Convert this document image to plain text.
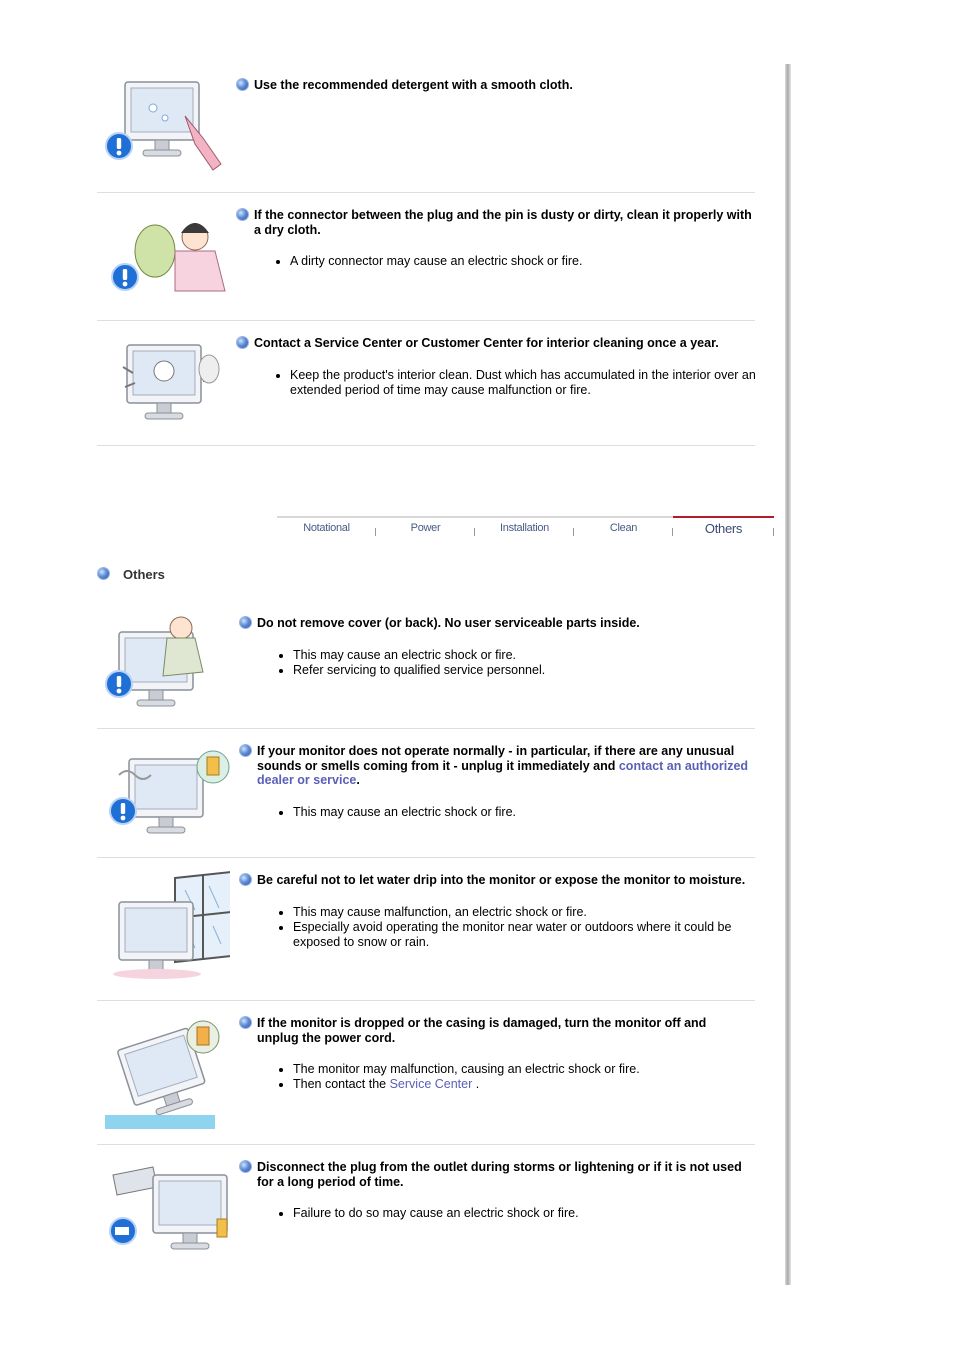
Use the recommended detergent with a smooth cloth.

If the connector between the plug and the pin is dusty or dirty, clean it properly with a dry cloth.

• A dirty connector may cause an electric shock or fire.

Contact a Service Center or Customer Center for interior cleaning once a year.

• Keep the product's interior clean. Dust which has accumulated in the interior over an extended period of time may cause malfunction or fire.
Notational	Power	Installation	Clean	Others
Others

Do not remove cover (or back). No user serviceable parts inside.

• This may cause an electric shock or fire.
• Refer servicing to qualified service personnel.

If your monitor does not operate normally - in particular, if there are any unusual sounds or smells coming from it - unplug it immediately and contact an authorized dealer or service.

• This may cause an electric shock or fire.

Be careful not to let water drip into the monitor or expose the monitor to moisture.

• This may cause malfunction, an electric shock or fire.
• Especially avoid operating the monitor near water or outdoors where it could be exposed to snow or rain.

If the monitor is dropped or the casing is damaged, turn the monitor off and unplug the power cord.

• The monitor may malfunction, causing an electric shock or fire.
• Then contact the Service Center .

Disconnect the plug from the outlet during storms or lightening or if it is not used for a long period of time.

• Failure to do so may cause an electric shock or fire.
